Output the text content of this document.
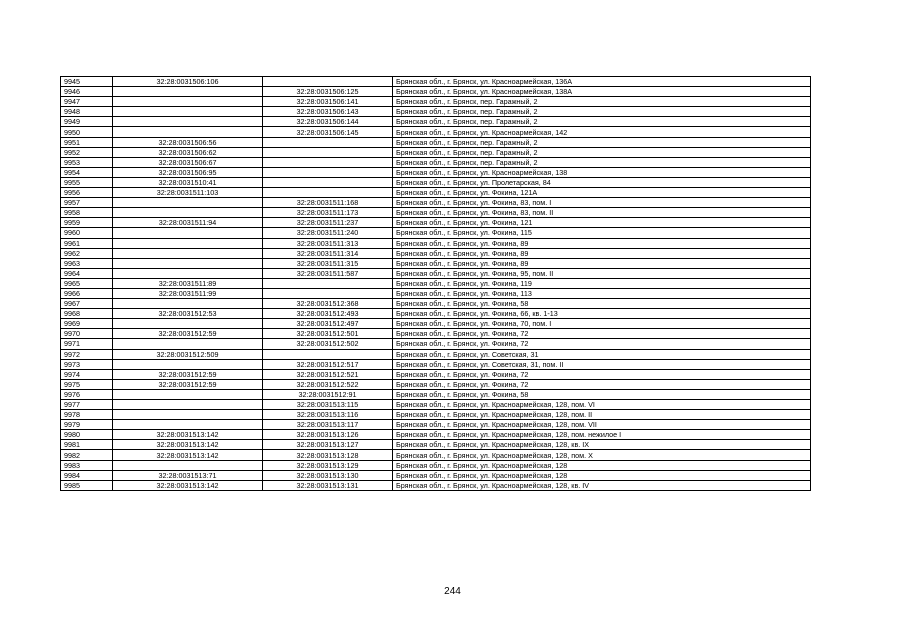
9945	32:28:0031506:106		Брянская обл., г. Брянск, ул. Красноармейская, 136А
9946		32:28:0031506:125	Брянская обл., г. Брянск, ул. Красноармейская, 138А
9947		32:28:0031506:141	Брянская обл., г. Брянск, пер. Гаражный, 2
9948		32:28:0031506:143	Брянская обл., г. Брянск, пер. Гаражный, 2
9949		32:28:0031506:144	Брянская обл., г. Брянск, пер. Гаражный, 2
9950		32:28:0031506:145	Брянская обл., г. Брянск, ул. Красноармейская, 142
9951	32:28:0031506:56		Брянская обл., г. Брянск, пер. Гаражный, 2
9952	32:28:0031506:62		Брянская обл., г. Брянск, пер. Гаражный, 2
9953	32:28:0031506:67		Брянская обл., г. Брянск, пер. Гаражный, 2
9954	32:28:0031506:95		Брянская обл., г. Брянск, ул. Красноармейская, 138
9955	32:28:0031510:41		Брянская обл., г. Брянск, ул. Пролетарская, 84
9956	32:28:0031511:103		Брянская обл., г. Брянск, ул. Фокина, 121А
9957		32:28:0031511:168	Брянская обл., г. Брянск, ул. Фокина, 83, пом. I
9958		32:28:0031511:173	Брянская обл., г. Брянск, ул. Фокина, 83, пом. II
9959	32:28:0031511:94	32:28:0031511:237	Брянская обл., г. Брянск, ул. Фокина, 121
9960		32:28:0031511:240	Брянская обл., г. Брянск, ул. Фокина, 115
9961		32:28:0031511:313	Брянская обл., г. Брянск, ул. Фокина, 89
9962		32:28:0031511:314	Брянская обл., г. Брянск, ул. Фокина, 89
9963		32:28:0031511:315	Брянская обл., г. Брянск, ул. Фокина, 89
9964		32:28:0031511:587	Брянская обл., г. Брянск, ул. Фокина, 95, пом. II
9965	32:28:0031511:89		Брянская обл., г. Брянск, ул. Фокина, 119
9966	32:28:0031511:99		Брянская обл., г. Брянск, ул. Фокина, 113
9967		32:28:0031512:368	Брянская обл., г. Брянск, ул. Фокина, 58
9968	32:28:0031512:53	32:28:0031512:493	Брянская обл., г. Брянск, ул. Фокина, 66, кв. 1-13
9969		32:28:0031512:497	Брянская обл., г. Брянск, ул. Фокина, 70, пом. I
9970	32:28:0031512:59	32:28:0031512:501	Брянская обл., г. Брянск, ул. Фокина, 72
9971		32:28:0031512:502	Брянская обл., г. Брянск, ул. Фокина, 72
9972	32:28:0031512:509		Брянская обл., г. Брянск, ул. Советская, 31
9973		32:28:0031512:517	Брянская обл., г. Брянск, ул. Советская, 31, пом. II
9974	32:28:0031512:59	32:28:0031512:521	Брянская обл., г. Брянск, ул. Фокина, 72
9975	32:28:0031512:59	32:28:0031512:522	Брянская обл., г. Брянск, ул. Фокина, 72
9976		32:28:0031512:91	Брянская обл., г. Брянск, ул. Фокина, 58
9977		32:28:0031513:115	Брянская обл., г. Брянск, ул. Красноармейская, 128, пом. VI
9978		32:28:0031513:116	Брянская обл., г. Брянск, ул. Красноармейская, 128, пом. II
9979		32:28:0031513:117	Брянская обл., г. Брянск, ул. Красноармейская, 128, пом. VII
9980	32:28:0031513:142	32:28:0031513:126	Брянская обл., г. Брянск, ул. Красноармейская, 128, пом. нежилое I
9981	32:28:0031513:142	32:28:0031513:127	Брянская обл., г. Брянск, ул. Красноармейская, 128, кв. IX
9982	32:28:0031513:142	32:28:0031513:128	Брянская обл., г. Брянск, ул. Красноармейская, 128, пом. X
9983		32:28:0031513:129	Брянская обл., г. Брянск, ул. Красноармейская, 128
9984	32:28:0031513:71	32:28:0031513:130	Брянская обл., г. Брянск, ул. Красноармейская, 128
9985	32:28:0031513:142	32:28:0031513:131	Брянская обл., г. Брянск, ул. Красноармейская, 128, кв. IV
244
